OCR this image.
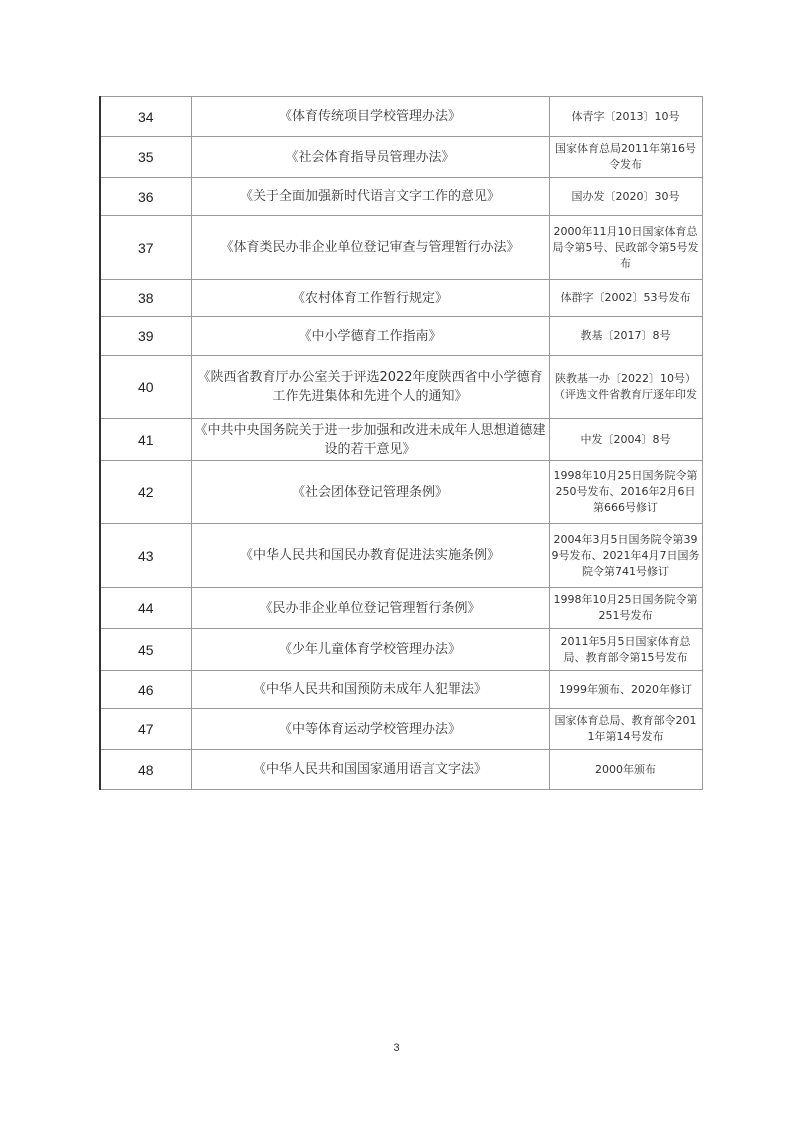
34	《体育传统项目学校管理办法》	体青字〔2013〕10号
35	《社会体育指导员管理办法》	国家体育总局2011年第16号令发布
36	《关于全面加强新时代语言文字工作的意见》	国办发〔2020〕30号
37	《体育类民办非企业单位登记审查与管理暂行办法》	2000年11月10日国家体育总局令第5号、民政部令第5号发布
38	《农村体育工作暂行规定》	体群字〔2002〕53号发布
39	《中小学德育工作指南》	教基〔2017〕8号
40	《陕西省教育厅办公室关于评选2022年度陕西省中小学德育工作先进集体和先进个人的通知》	陕教基一办〔2022〕10号）（评选文件省教育厅逐年印发
41	《中共中央国务院关于进一步加强和改进未成年人思想道德建设的若干意见》	中发〔2004〕8号
42	《社会团体登记管理条例》	1998年10月25日国务院令第250号发布、2016年2月6日第666号修订
43	《中华人民共和国民办教育促进法实施条例》	2004年3月5日国务院令第399号发布、2021年4月7日国务院令第741号修订
44	《民办非企业单位登记管理暂行条例》	1998年10月25日国务院令第251号发布
45	《少年儿童体育学校管理办法》	2011年5月5日国家体育总局、教育部令第15号发布
46	《中华人民共和国预防未成年人犯罪法》	1999年颁布、2020年修订
47	《中等体育运动学校管理办法》	国家体育总局、教育部令2011年第14号发布
48	《中华人民共和国国家通用语言文字法》	2000年颁布
3
